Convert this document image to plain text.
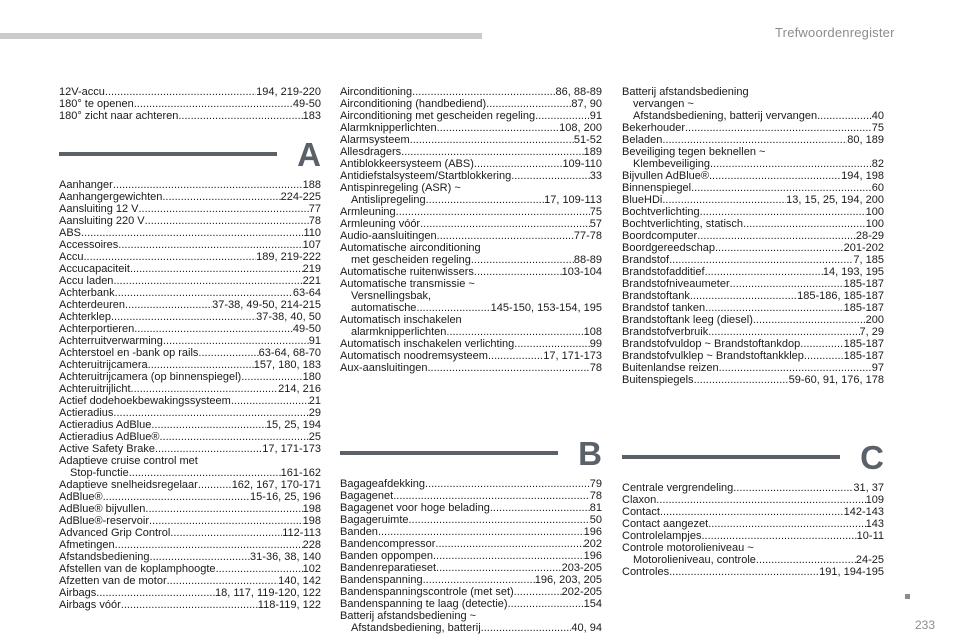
Trefwoordenregister
12V-accu .....	194, 219-220
180° te openen .....	49-50
180° zicht naar achteren .....	183
A
Aanhanger .....	188
Aanhangergewichten .....	224-225
Aansluiting 12 V .....	77
Aansluiting 220 V .....	78
ABS .....	110
Accessoires .....	107
Accu .....	189, 219-222
Accucapaciteit .....	219
Accu laden .....	221
Achterbank .....	63-64
Achterdeuren .....	37-38, 49-50, 214-215
Achterklep .....	37-38, 40, 50
Achterportieren .....	49-50
Achterruitverwarming .....	91
Achterstoel en -bank op rails .....	63-64, 68-70
Achteruitrijcamera .....	157, 180, 183
Achteruitrijcamera (op binnenspiegel) .....	180
Achteruitrijlicht .....	214, 216
Actief dodehoekbewakingssysteem .....	21
Actieradius .....	29
Actieradius AdBlue .....	15, 25, 194
Actieradius AdBlue® .....	25
Active Safety Brake .....	17, 171-173
Adaptieve cruise control met
Stop-functie .....	161-162
Adaptieve snelheidsregelaar .....	162, 167, 170-171
AdBlue® .....	15-16, 25, 196
AdBlue® bijvullen .....	198
AdBlue®-reservoir .....	198
Advanced Grip Control .....	112-113
Afmetingen .....	228
Afstandsbediening .....	31-36, 38, 140
Afstellen van de koplamphoogte .....	102
Afzetten van de motor .....	140, 142
Airbags .....	18, 117, 119-120, 122
Airbags vóór .....	118-119, 122
Airconditioning .....	86, 88-89
Airconditioning (handbediend) .....	87, 90
Airconditioning met gescheiden regeling .....	91
Alarmknipperlichten .....	108, 200
Alarmsysteem .....	51-52
Allesdragers .....	189
Antiblokkeersysteem (ABS) .....	109-110
Antidiefstalsysteem/Startblokkering .....	33
Antispinregeling (ASR) ~
Antislipregeling .....	17, 109-113
Armleuning .....	75
Armleuning vóór .....	57
Audio-aansluitingen .....	77-78
Automatische airconditioning
met gescheiden regeling .....	88-89
Automatische ruitenwissers .....	103-104
Automatische transmissie ~
Versnellingsbak,
automatische .....	145-150, 153-154, 195
Automatisch inschakelen
alarmknipperlichten .....	108
Automatisch inschakelen verlichting .....	99
Automatisch noodremsysteem .....	17, 171-173
Aux-aansluitingen .....	78
B
Bagageafdekking .....	79
Bagagenet .....	78
Bagagenet voor hoge belading .....	81
Bagageruimte .....	50
Banden .....	196
Bandencompressor .....	202
Banden oppompen .....	196
Bandenreparatieset .....	203-205
Bandenspanning .....	196, 203, 205
Bandenspanningscontrole (met set) .....	202-205
Bandenspanning te laag (detectie) .....	154
Batterij afstandsbediening ~
Afstandsbediening, batterij .....	40, 94
Batterij afstandsbediening
vervangen ~
Afstandsbediening, batterij vervangen .....	40
Bekerhouder .....	75
Beladen .....	80, 189
Beveiliging tegen beknellen ~
Klembeveiliging .....	82
Bijvullen AdBlue® .....	194, 198
Binnenspiegel .....	60
BlueHDi .....	13, 15, 25, 194, 200
Bochtverlichting .....	100
Bochtverlichting, statisch .....	100
Boordcomputer .....	28-29
Boordgereedschap .....	201-202
Brandstof .....	7, 185
Brandstofadditief .....	14, 193, 195
Brandstofniveaumeter .....	185-187
Brandstoftank .....	185-186, 185-187
Brandstof tanken .....	185-187
Brandstoftank leeg (diesel) .....	200
Brandstofverbruik .....	7, 29
Brandstofvuldop ~ Brandstoftankdop .....	185-187
Brandstofvulklep ~ Brandstoftankklep .....	185-187
Buitenlandse reizen .....	97
Buitenspiegels .....	59-60, 91, 176, 178
C
Centrale vergrendeling .....	31, 37
Claxon .....	109
Contact .....	142-143
Contact aangezet .....	143
Controlelampjes .....	10-11
Controle motorolieniveau ~
Motorolieniveau, controle .....	24-25
Controles .....	191, 194-195
233
